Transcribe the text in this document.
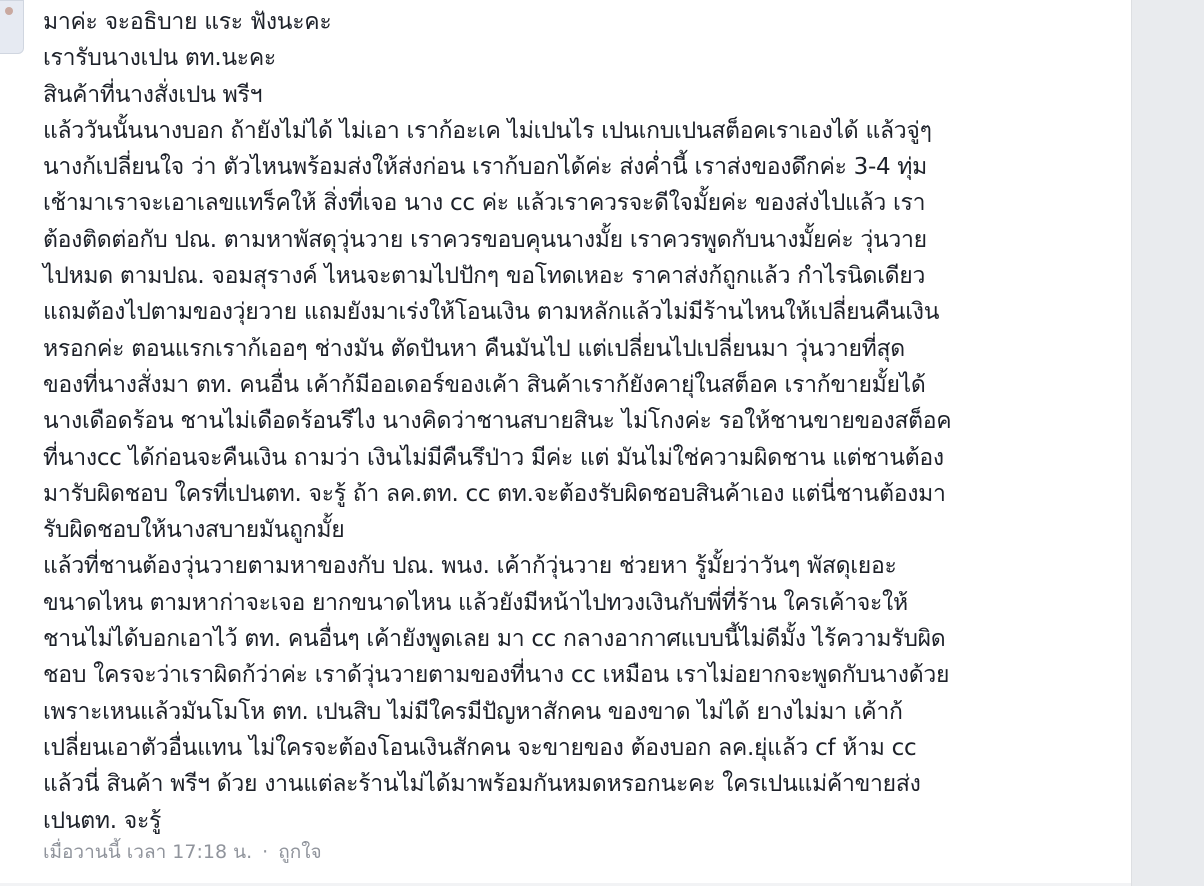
มาค่ะ จะอธิบาย แระ ฟังนะคะ
เรารับนางเปน ตท.นะคะ
สินค้าที่นางสั่งเปน พรีฯ
แล้ววันนั้นนางบอก ถ้ายังไม่ได้ ไม่เอา เราก้อะเค ไม่เปนไร เปนเกบเปนสต็อคเราเองได้ แล้วจู่ๆ
นางก้เปลี่ยนใจ ว่า ตัวไหนพร้อมส่งให้ส่งก่อน เราก้บอกได้ค่ะ ส่งค่ำนี้ เราส่งของดึกค่ะ 3-4 ทุ่ม
เช้ามาเราจะเอาเลขแทร็คให้ สิ่งที่เจอ นาง cc ค่ะ แล้วเราควรจะดีใจมั้ยค่ะ ของส่งไปแล้ว เรา
ต้องติดต่อกับ ปณ. ตามหาพัสดุวุ่นวาย เราควรขอบคุนนางมั้ย เราควรพูดกับนางมั้ยค่ะ วุ่นวาย
ไปหมด ตามปณ. จอมสุรางค์ ไหนจะตามไปปักๆ ขอโทดเหอะ ราคาส่งก้ถูกแล้ว กำไรนิดเดียว
แถมต้องไปตามของวุ่ยวาย แถมยังมาเร่งให้โอนเงิน ตามหลักแล้วไม่มีร้านไหนให้เปลี่ยนคืนเงิน
หรอกค่ะ ตอนแรกเราก้เออๆ ช่างมัน ตัดปันหา คืนมันไป แต่เปลี่ยนไปเปลี่ยนมา วุ่นวายที่สุด
ของที่นางสั่งมา ตท. คนอื่น เค้าก้มีออเดอร์ของเค้า สินค้าเราก้ยังคายุ่ในสต็อค เราก้ขายมั้ยได้
นางเดือดร้อน ชานไม่เดือดร้อนรึไง นางคิดว่าชานสบายสินะ ไม่โกงค่ะ รอให้ชานขายของสต็อค
ที่นางcc ได้ก่อนจะคืนเงิน ถามว่า เงินไม่มีคืนรึป่าว มีค่ะ แต่ มันไม่ใช่ความผิดชาน แต่ชานต้อง
มารับผิดชอบ ใครที่เปนตท. จะรู้ ถ้า ลค.ตท. cc ตท.จะต้องรับผิดชอบสินค้าเอง แต่นี่ชานต้องมา
รับผิดชอบให้นางสบายมันถูกมั้ย
แล้วที่ชานต้องวุ่นวายตามหาของกับ ปณ. พนง. เค้าก้วุ่นวาย ช่วยหา รู้มั้ยว่าวันๆ พัสดุเยอะ
ขนาดไหน ตามหาก่าจะเจอ ยากขนาดไหน แล้วยังมีหน้าไปทวงเงินกับพี่ที่ร้าน ใครเค้าจะให้
ชานไม่ได้บอกเอาไว้ ตท. คนอื่นๆ เค้ายังพูดเลย มา cc กลางอากาศแบบนี้ไม่ดีมั้ง ไร้ความรับผิด
ชอบ ใครจะว่าเราผิดก้ว่าค่ะ เราด้วุ่นวายตามของที่นาง cc เหมือน เราไม่อยากจะพูดกับนางด้วย
เพราะเหนแล้วมันโมโห ตท. เปนสิบ ไม่มีใครมีปัญหาสักคน ของขาด ไม่ได้ ยางไม่มา เค้าก้
เปลี่ยนเอาตัวอื่นแทน ไม่ใครจะต้องโอนเงินสักคน จะขายของ ต้องบอก ลค.ยุ่แล้ว cf ห้าม cc
แล้วนี่ สินค้า พรีฯ ด้วย งานแต่ละร้านไม่ได้มาพร้อมกันหมดหรอกนะคะ ใครเปนแม่ค้าขายส่ง
เปนตท. จะรู้
เมื่อวานนี้ เวลา 17:18 น. · ถูกใจ
